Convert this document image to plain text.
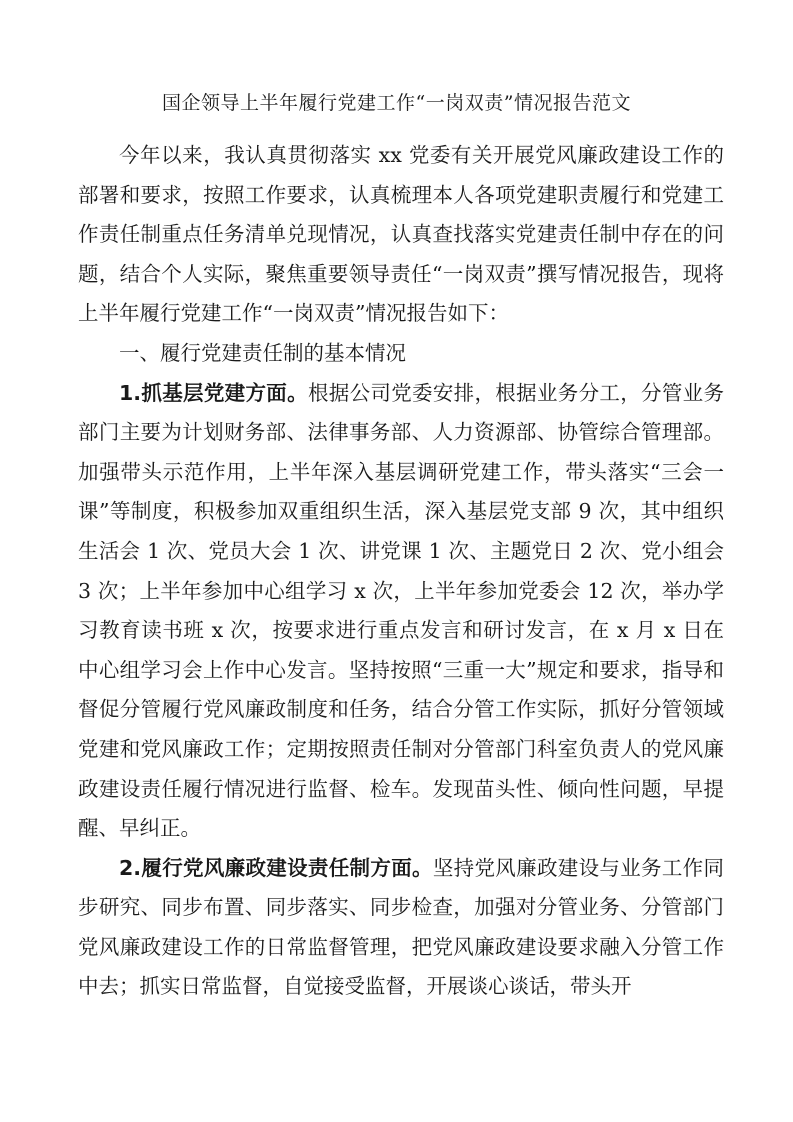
国企领导上半年履行党建工作“一岗双责”情况报告范文

今年以来，我认真贯彻落实 xx 党委有关开展党风廉政建设工作的部署和要求，按照工作要求，认真梳理本人各项党建职责履行和党建工作责任制重点任务清单兑现情况，认真查找落实党建责任制中存在的问题，结合个人实际，聚焦重要领导责任“一岗双责”撰写情况报告，现将上半年履行党建工作“一岗双责”情况报告如下：

一、履行党建责任制的基本情况

1.抓基层党建方面。根据公司党委安排，根据业务分工，分管业务部门主要为计划财务部、法律事务部、人力资源部、协管综合管理部。加强带头示范作用，上半年深入基层调研党建工作，带头落实“三会一课”等制度，积极参加双重组织生活，深入基层党支部 9 次，其中组织生活会 1 次、党员大会 1 次、讲党课 1 次、主题党日 2 次、党小组会 3 次；上半年参加中心组学习 x 次，上半年参加党委会 12 次，举办学习教育读书班 x 次，按要求进行重点发言和研讨发言，在 x 月 x 日在中心组学习会上作中心发言。坚持按照“三重一大”规定和要求，指导和督促分管履行党风廉政制度和任务，结合分管工作实际，抓好分管领域党建和党风廉政工作；定期按照责任制对分管部门科室负责人的党风廉政建设责任履行情况进行监督、检车。发现苗头性、倾向性问题，早提醒、早纠正。

2.履行党风廉政建设责任制方面。坚持党风廉政建设与业务工作同步研究、同步布置、同步落实、同步检查，加强对分管业务、分管部门党风廉政建设工作的日常监督管理，把党风廉政建设要求融入分管工作中去；抓实日常监督，自觉接受监督，开展谈心谈话，带头开
